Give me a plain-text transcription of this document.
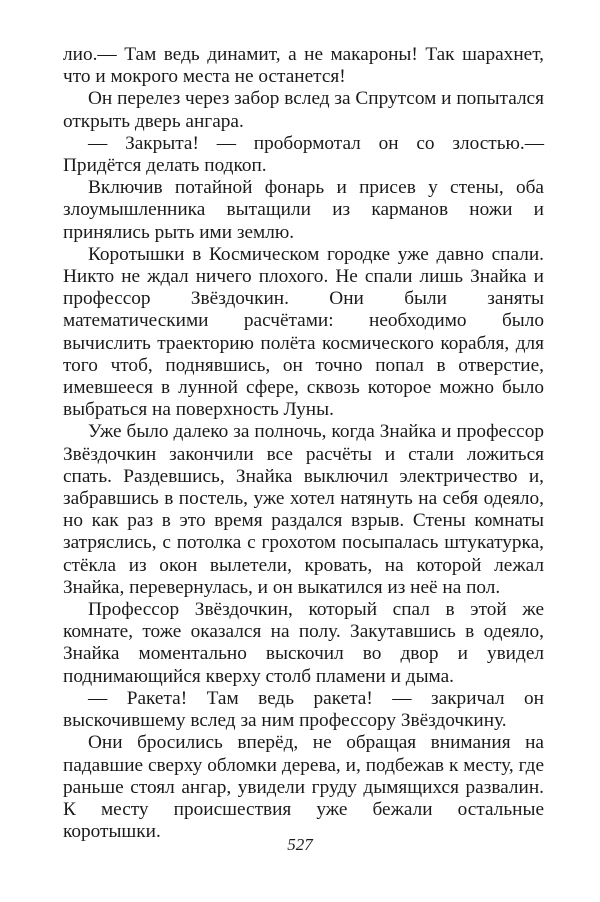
лио.— Там ведь динамит, а не макароны! Так шарахнет, что и мокрого места не останется!

Он перелез через забор вслед за Спрутсом и попытался открыть дверь ангара.

— Закрыта! — пробормотал он со злостью.— Придётся делать подкоп.

Включив потайной фонарь и присев у стены, оба злоумышленника вытащили из карманов ножи и принялись рыть ими землю.

Коротышки в Космическом городке уже давно спали. Никто не ждал ничего плохого. Не спали лишь Знайка и профессор Звёздочкин. Они были заняты математическими расчётами: необходимо было вычислить траекторию полёта космического корабля, для того чтоб, поднявшись, он точно попал в отверстие, имевшееся в лунной сфере, сквозь которое можно было выбраться на поверхность Луны.

Уже было далеко за полночь, когда Знайка и профессор Звёздочкин закончили все расчёты и стали ложиться спать. Раздевшись, Знайка выключил электричество и, забравшись в постель, уже хотел натянуть на себя одеяло, но как раз в это время раздался взрыв. Стены комнаты затряслись, с потолка с грохотом посыпалась штукатурка, стёкла из окон вылетели, кровать, на которой лежал Знайка, перевернулась, и он выкатился из неё на пол.

Профессор Звёздочкин, который спал в этой же комнате, тоже оказался на полу. Закутавшись в одеяло, Знайка моментально выскочил во двор и увидел поднимающийся кверху столб пламени и дыма.

— Ракета! Там ведь ракета! — закричал он выскочившему вслед за ним профессору Звёздочкину.

Они бросились вперёд, не обращая внимания на падавшие сверху обломки дерева, и, подбежав к месту, где раньше стоял ангар, увидели груду дымящихся развалин. К месту происшествия уже бежали остальные коротышки.

527
